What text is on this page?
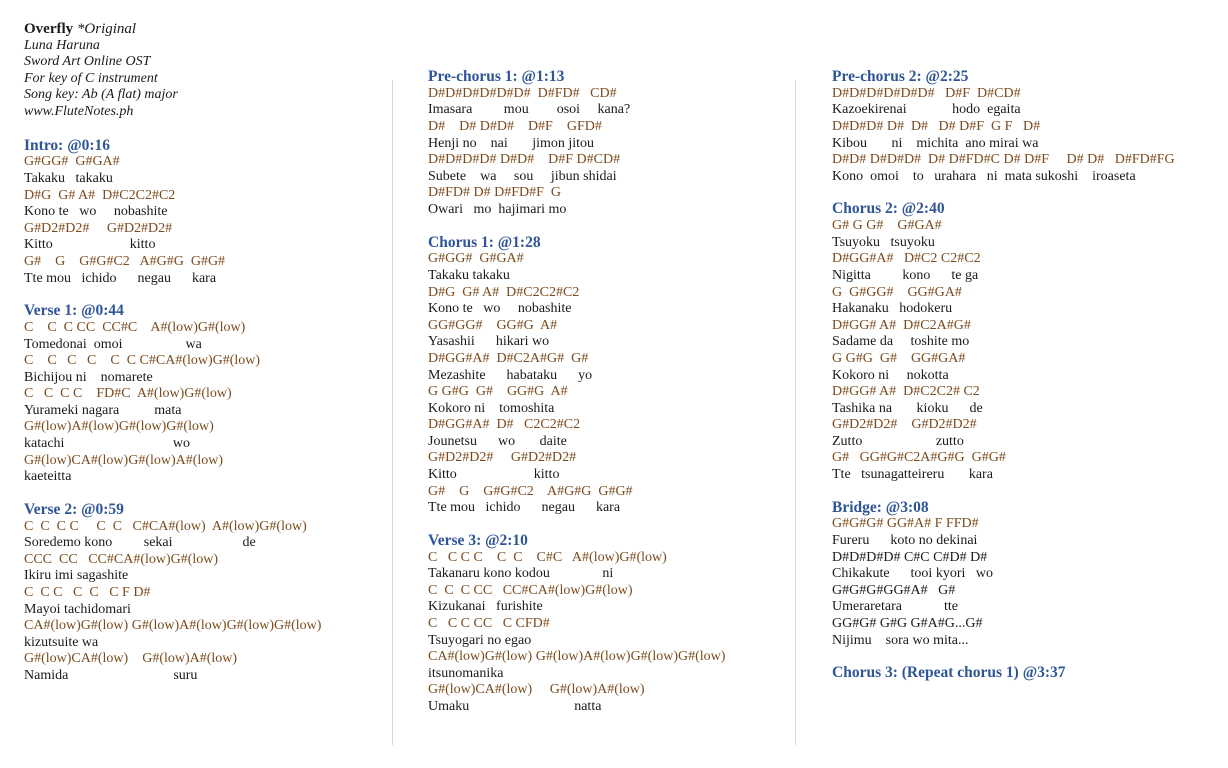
Overfly *Original
Luna Haruna
Sword Art Online OST
For key of C instrument
Song key: Ab (A flat) major
www.FluteNotes.ph
Intro: @0:16
G#GG#  G#GA#
Takaku   takaku
D#G  G# A#  D#C2C2#C2
Kono te   wo     nobashite
G#D2#D2#     G#D2#D2#
Kitto                      kitto
G#    G    G#G#C2   A#G#G  G#G#
Tte mou   ichido      negau      kara
Verse 1: @0:44
C    C  C CC  CC#C    A#(low)G#(low)
Tomedonai  omoi                  wa
C    C   C   C    C  C C#CA#(low)G#(low)
Bichijou ni    nomarete
C   C  C C    FD#C  A#(low)G#(low)
Yurameki nagara          mata
G#(low)A#(low)G#(low)G#(low)
katachi                               wo
G#(low)CA#(low)G#(low)A#(low)
kaeteitta
Verse 2: @0:59
C  C  C C     C  C   C#CA#(low)  A#(low)G#(low)
Soredemo kono         sekai                    de
CCC  CC   CC#CA#(low)G#(low)
Ikiru imi sagashite
C  C C   C  C   C F D#
Mayoi tachidomari
CA#(low)G#(low) G#(low)A#(low)G#(low)G#(low)
kizutsuite wa
G#(low)CA#(low)    G#(low)A#(low)
Namida                              suru
Pre-chorus 1: @1:13
D#D#D#D#D#D#  D#FD#   CD#
Imasara         mou        osoi     kana?
D#    D# D#D#    D#F    GFD#
Henji no    nai       jimon jitou
D#D#D#D# D#D#    D#F D#CD#
Subete    wa     sou     jibun shidai
D#FD# D# D#FD#F  G
Owari   mo  hajimari mo
Chorus 1: @1:28
G#GG#  G#GA#
Takaku takaku
D#G  G# A#  D#C2C2#C2
Kono te   wo     nobashite
GG#GG#    GG#G  A#
Yasashii      hikari wo
D#GG#A#  D#C2A#G#  G#
Mezashite      habataku      yo
G G#G  G#    GG#G  A#
Kokoro ni    tomoshita
D#GG#A#  D#   C2C2#C2
Jounetsu      wo       daite
G#D2#D2#     G#D2#D2#
Kitto                      kitto
G#    G    G#G#C2    A#G#G  G#G#
Tte mou   ichido      negau      kara
Verse 3: @2:10
C   C C C    C  C    C#C   A#(low)G#(low)
Takanaru kono kodou               ni
C  C  C CC   CC#CA#(low)G#(low)
Kizukanai   furishite
C   C C CC   C CFD#
Tsuyogari no egao
CA#(low)G#(low) G#(low)A#(low)G#(low)G#(low)
itsunomanika
G#(low)CA#(low)     G#(low)A#(low)
Umaku                              natta
Pre-chorus 2: @2:25
D#D#D#D#D#D#   D#F  D#CD#
Kazoekirenai             hodo  egaita
D#D#D# D#  D#   D# D#F  G F   D#
Kibou       ni    michita  ano mirai wa
D#D# D#D#D#  D# D#FD#C D# D#F     D# D#   D#FD#FG
Kono  omoi    to   urahara   ni  mata sukoshi    iroaseta
Chorus 2: @2:40
G# G G#    G#GA#
Tsuyoku   tsuyoku
D#GG#A#   D#C2 C2#C2
Nigitta         kono      te ga
G  G#GG#    GG#GA#
Hakanaku   hodokeru
D#GG# A#  D#C2A#G#
Sadame da     toshite mo
G G#G  G#    GG#GA#
Kokoro ni     nokotta
D#GG# A#  D#C2C2# C2
Tashika na       kioku      de
G#D2#D2#    G#D2#D2#
Zutto                     zutto
G#   GG#G#C2A#G#G  G#G#
Tte   tsunagatteireru       kara
Bridge: @3:08
G#G#G# GG#A# F FFD#
Fureru      koto no dekinai
D#D#D#D# C#C C#D# D#
Chikakute      tooi kyori   wo
G#G#G#GG#A#   G#
Umeraretara            tte
GG#G# G#G G#A#G...G#
Nijimu    sora wo mita...
Chorus 3: (Repeat chorus 1) @3:37
